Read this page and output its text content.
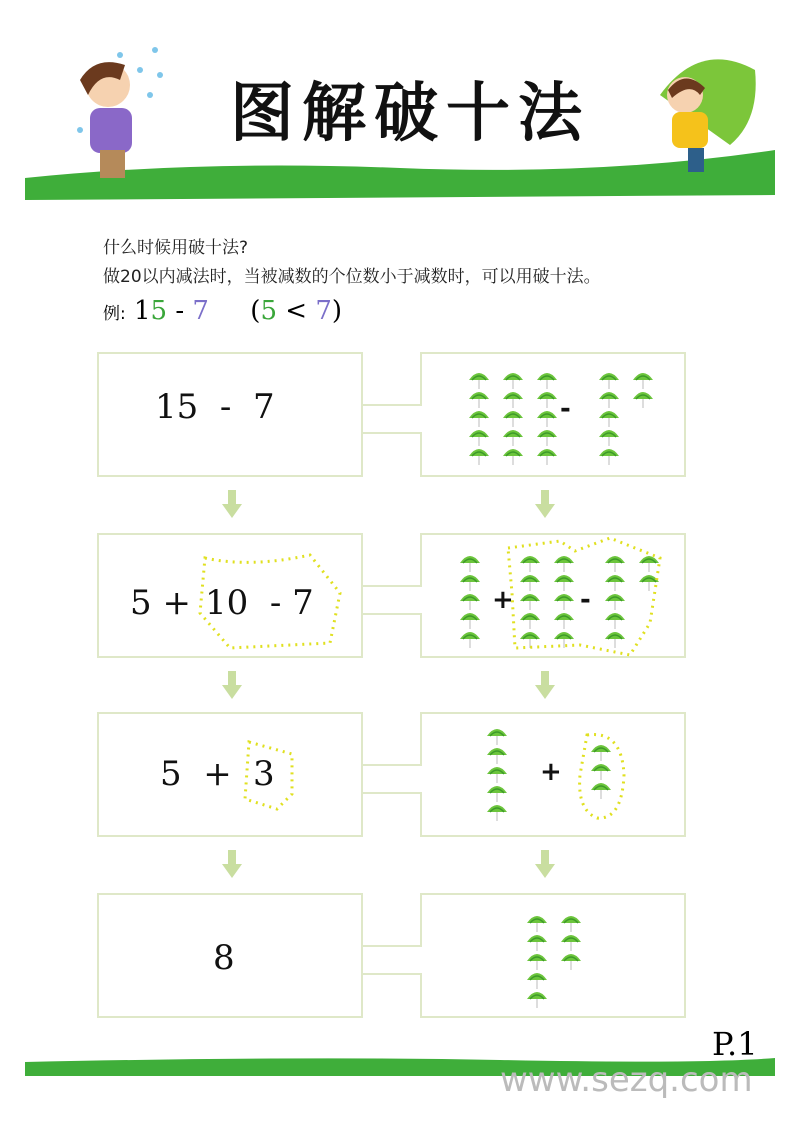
图解破十法
什么时候用破十法?
做20以内减法时，当被减数的个位数小于减数时，可以用破十法。
例: 15 - 7 (5 < 7)
15  -  7	-
5 + 10  - 7	+	-
5  + 3	+
8
P.1
www.sezq.com
